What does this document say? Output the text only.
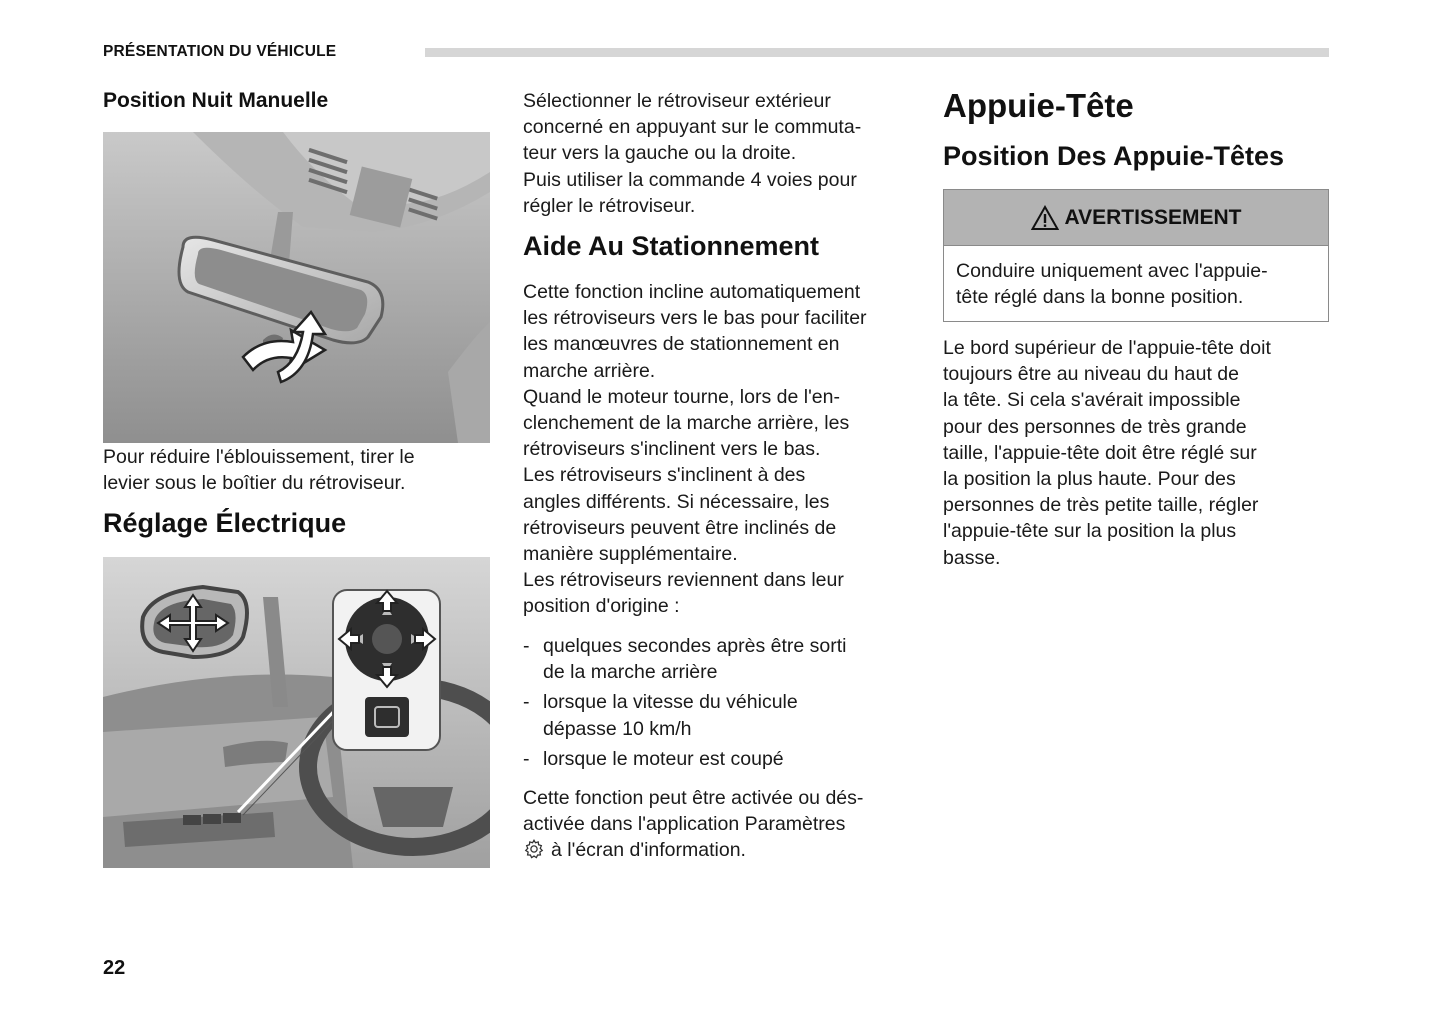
PRÉSENTATION DU VÉHICULE
Position Nuit Manuelle

Pour réduire l'éblouissement, tirer le
levier sous le boîtier du rétroviseur.

Réglage Électrique

Sélectionner le rétroviseur extérieur
concerné en appuyant sur le commuta-
teur vers la gauche ou la droite.
Puis utiliser la commande 4 voies pour
régler le rétroviseur.

Aide Au Stationnement

Cette fonction incline automatiquement
les rétroviseurs vers le bas pour faciliter
les manœuvres de stationnement en
marche arrière.
Quand le moteur tourne, lors de l'en-
clenchement de la marche arrière, les
rétroviseurs s'inclinent vers le bas.
Les rétroviseurs s'inclinent à des
angles différents. Si nécessaire, les
rétroviseurs peuvent être inclinés de
manière supplémentaire.
Les rétroviseurs reviennent dans leur
position d'origine :

- quelques secondes après être sorti
de la marche arrière
- lorsque la vitesse du véhicule
dépasse 10 km/h
- lorsque le moteur est coupé

Cette fonction peut être activée ou dés-
activée dans l'application Paramètres
à l'écran d'information.

Appuie-Tête
Position Des Appuie-Têtes
AVERTISSEMENT
Conduire uniquement avec l'appuie-
tête réglé dans la bonne position.

Le bord supérieur de l'appuie-tête doit
toujours être au niveau du haut de
la tête. Si cela s'avérait impossible
pour des personnes de très grande
taille, l'appuie-tête doit être réglé sur
la position la plus haute. Pour des
personnes de très petite taille, régler
l'appuie-tête sur la position la plus
basse.

22
